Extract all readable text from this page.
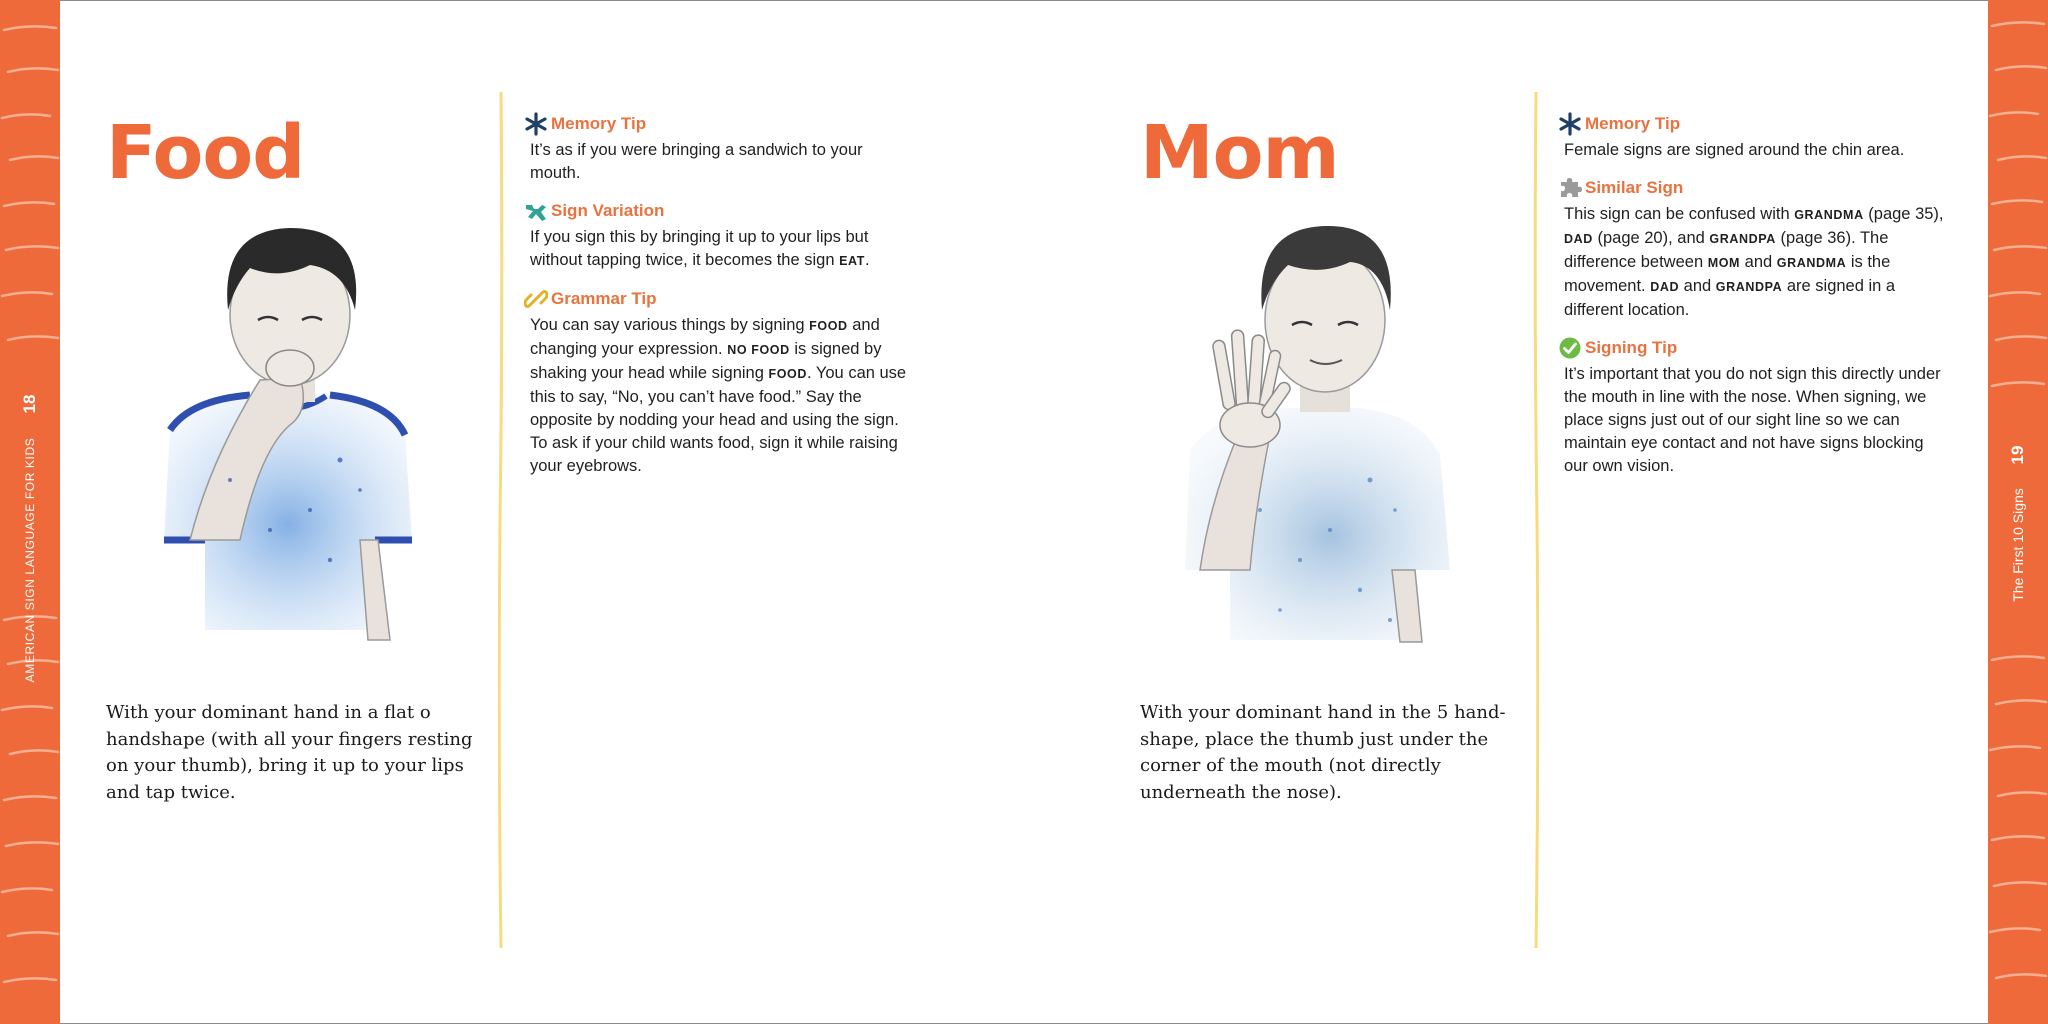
AMERICAN SIGN LANGUAGE FOR KIDS
18
19
The First 10 Signs
Food

With your dominant hand in a flat o handshape (with all your fingers resting on your thumb), bring it up to your lips and tap twice.

Memory Tip

It’s as if you were bringing a sandwich to your mouth.

Sign Variation

If you sign this by bringing it up to your lips but without tapping twice, it becomes the sign EAT.

Grammar Tip

You can say various things by signing FOOD and changing your expression. NO FOOD is signed by shaking your head while signing FOOD. You can use this to say, “No, you can’t have food.” Say the opposite by nodding your head and using the sign. To ask if your child wants food, sign it while raising your eyebrows.

Mom

With your dominant hand in the 5 hand-shape, place the thumb just under the corner of the mouth (not directly underneath the nose).

Memory Tip

Female signs are signed around the chin area.

Similar Sign

This sign can be confused with GRANDMA (page 35), DAD (page 20), and GRANDPA (page 36). The difference between MOM and GRANDMA is the movement. DAD and GRANDPA are signed in a different location.

Signing Tip

It’s important that you do not sign this directly under the mouth in line with the nose. When signing, we place signs just out of our sight line so we can maintain eye contact and not have signs blocking our own vision.
